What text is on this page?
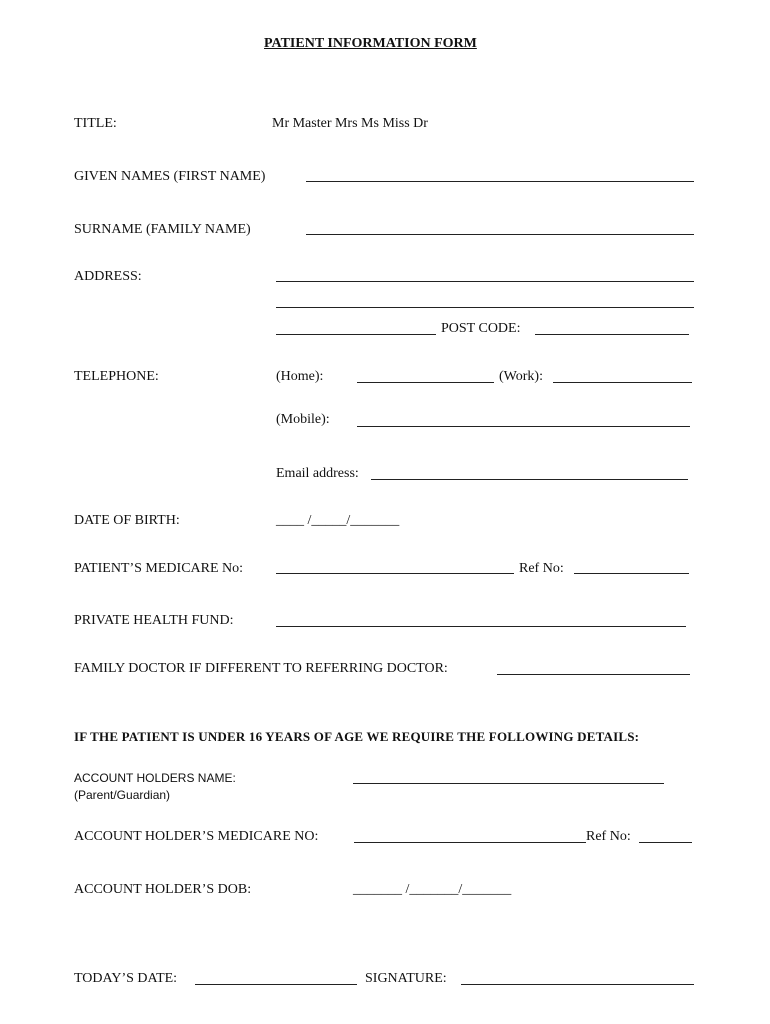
PATIENT INFORMATION FORM
TITLE:	Mr Master Mrs Ms Miss Dr
GIVEN NAMES (FIRST NAME)
SURNAME (FAMILY NAME)
ADDRESS:
POST CODE:
TELEPHONE:	(Home):	(Work):
(Mobile):
Email address:
DATE OF BIRTH:	____ /_____/_______
PATIENT’S MEDICARE No:	Ref No:
PRIVATE HEALTH FUND:
FAMILY DOCTOR IF DIFFERENT TO REFERRING DOCTOR:
IF THE PATIENT IS UNDER 16 YEARS OF AGE WE REQUIRE THE FOLLOWING DETAILS:
ACCOUNT HOLDERS NAME:
(Parent/Guardian)
ACCOUNT HOLDER’S MEDICARE NO:	Ref No:
ACCOUNT HOLDER’S DOB:	_______ /_______/_______
TODAY’S DATE:	SIGNATURE:
